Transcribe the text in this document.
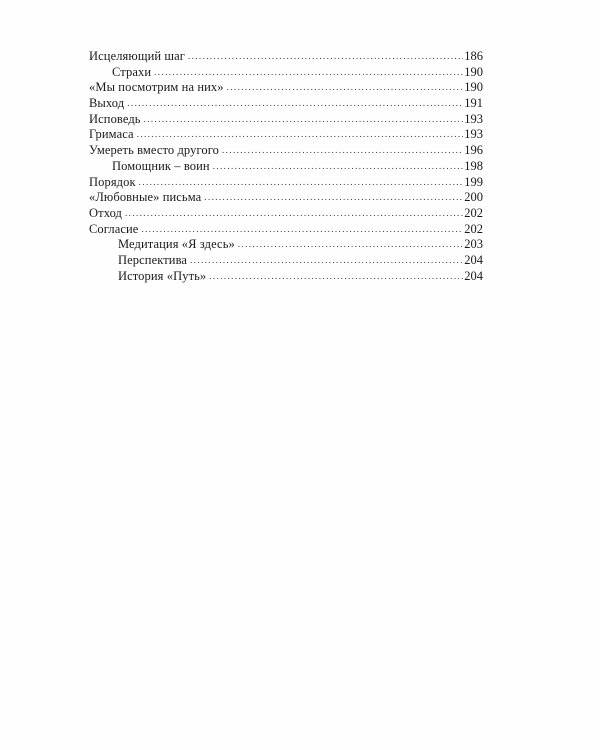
Исцеляющий шаг .....	186
Страхи .....	190
«Мы посмотрим на них» .....	190
Выход .....	191
Исповедь .....	193
Гримаса .....	193
Умереть вместо другого .....	196
Помощник – воин .....	198
Порядок .....	199
«Любовные» письма .....	200
Отход .....	202
Согласие .....	202
Медитация «Я здесь» .....	203
Перспектива .....	204
История «Путь» .....	204
